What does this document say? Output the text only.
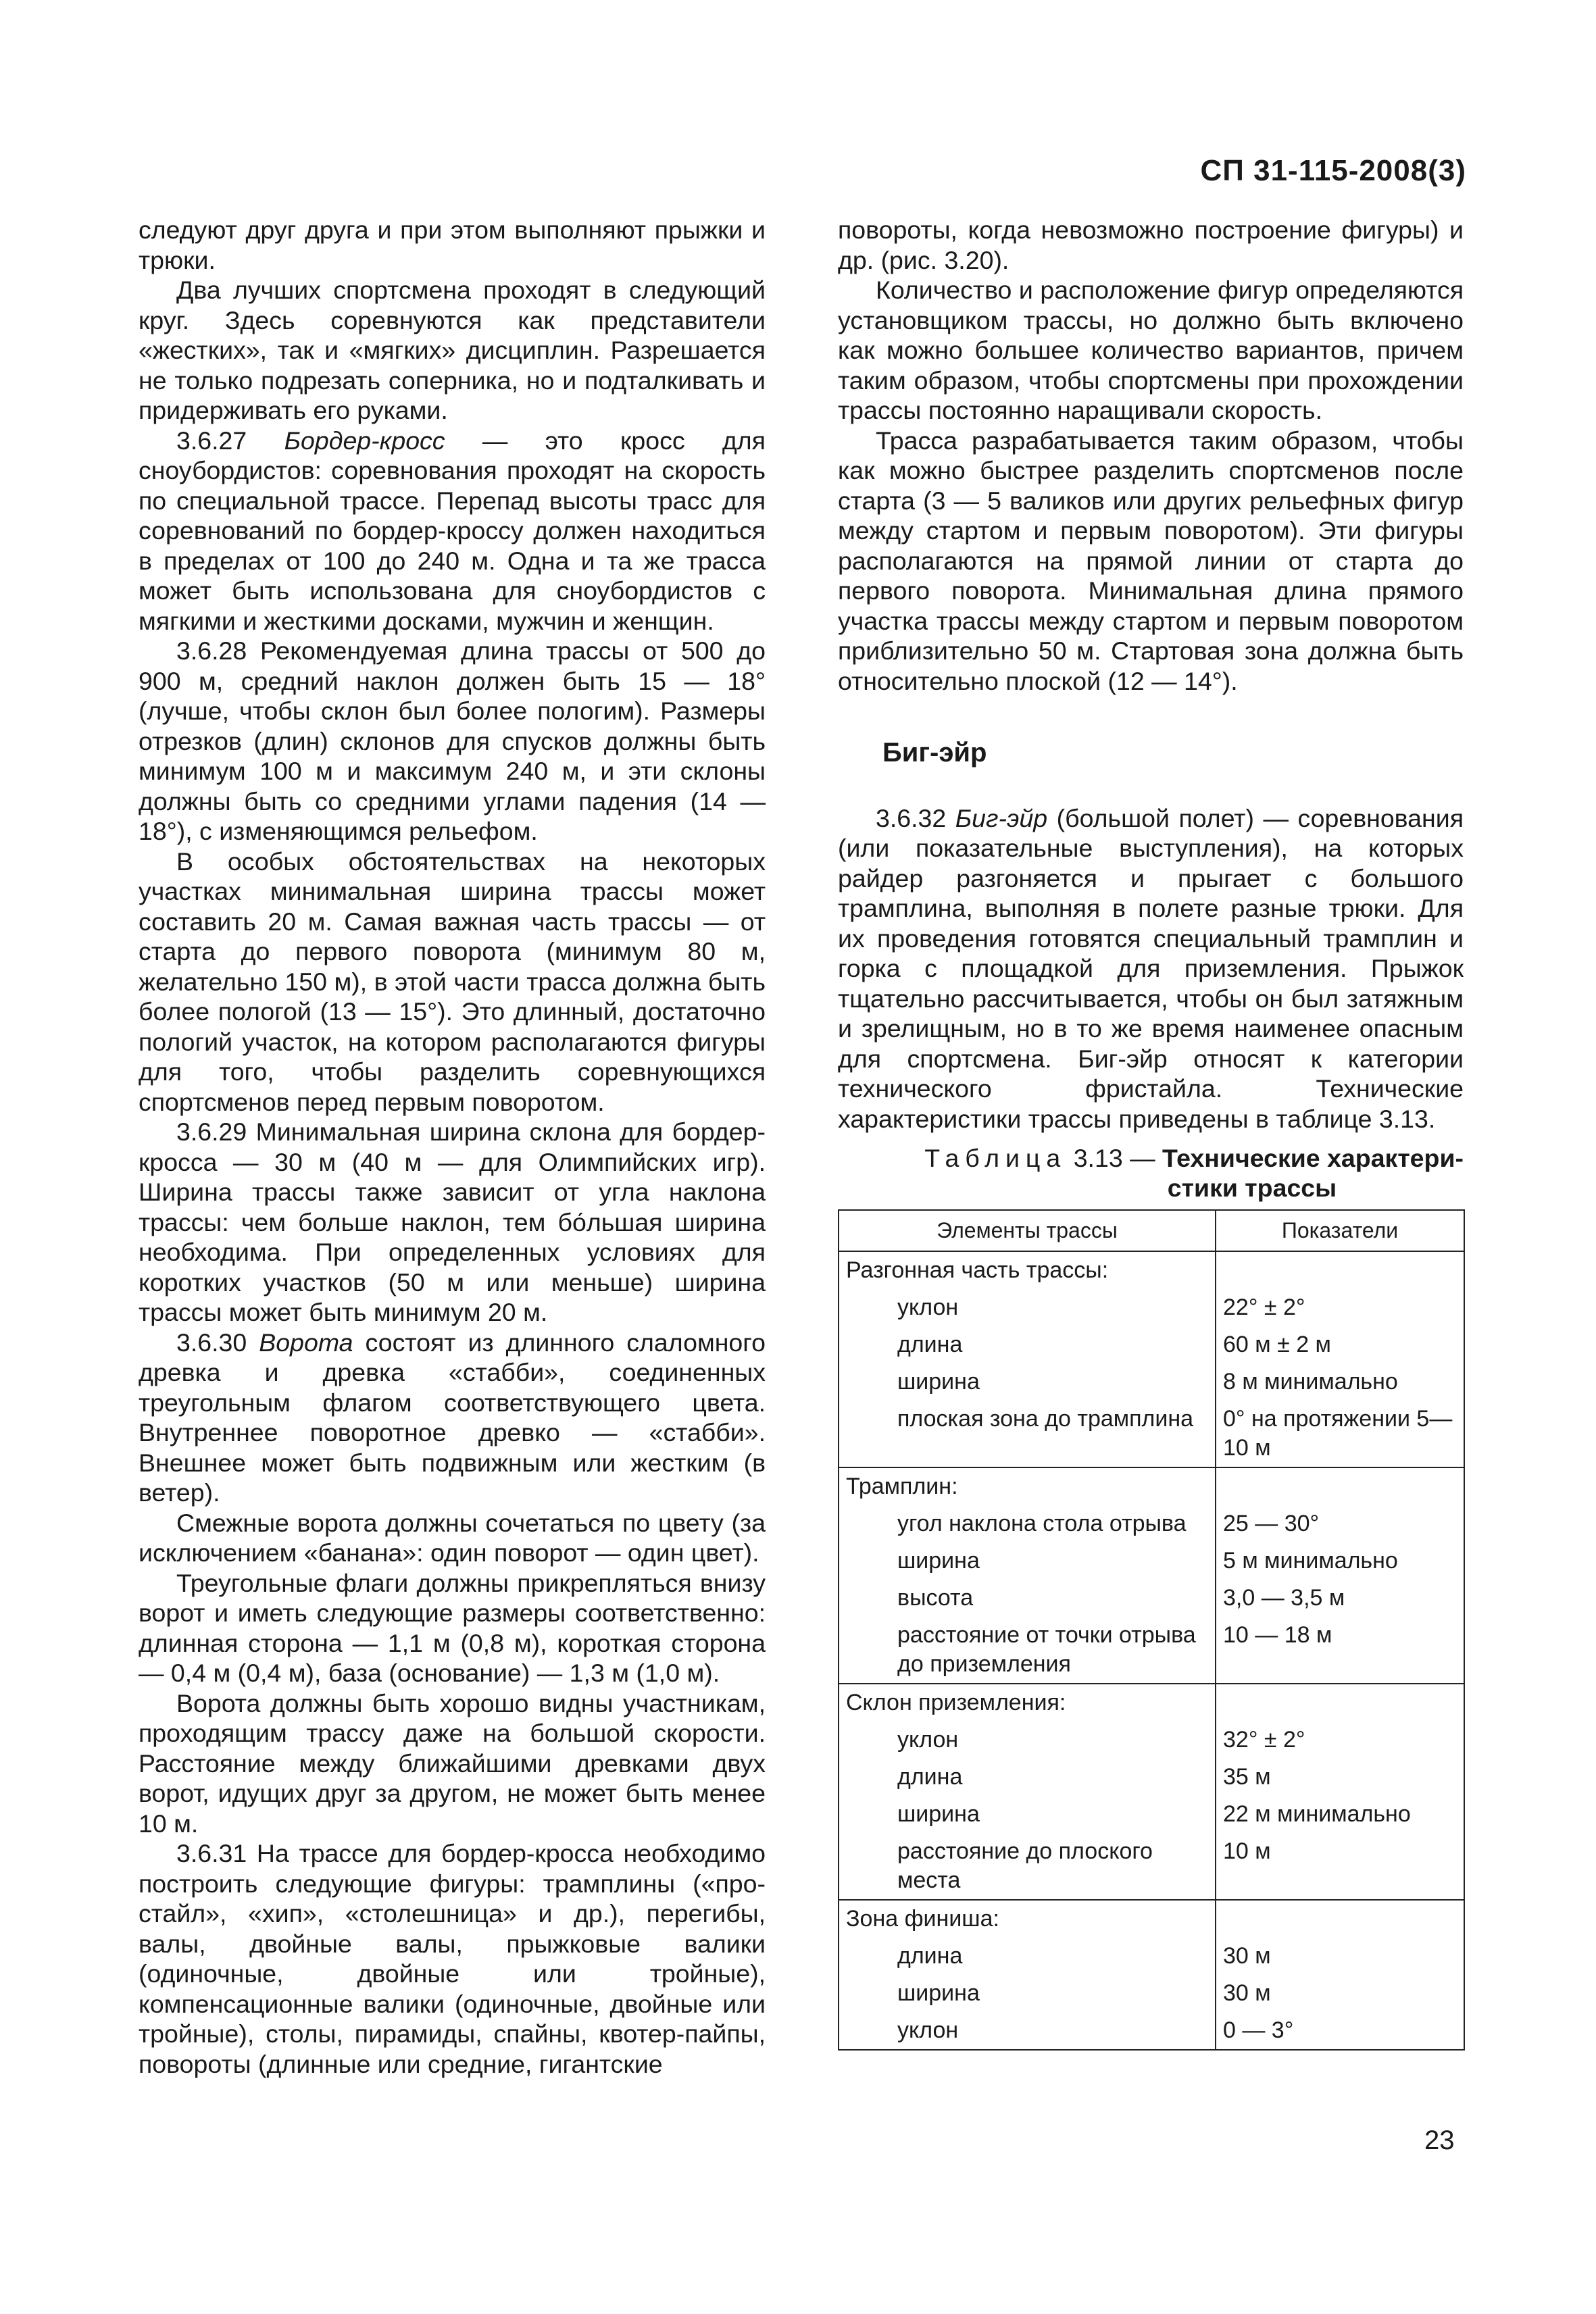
СП 31-115-2008(3)

следуют друг друга и при этом выполняют прыжки и трюки.

Два лучших спортсмена проходят в следующий круг. Здесь соревнуются как представители «жестких», так и «мягких» дисциплин. Разрешается не только подрезать соперника, но и подталкивать и придерживать его руками.

3.6.27 Бордер-кросс — это кросс для сноубордистов: соревнования проходят на скорость по специальной трассе. Перепад высоты трасс для соревнований по бордер-кроссу должен находиться в пределах от 100 до 240 м. Одна и та же трасса может быть использована для сноубордистов с мягкими и жесткими досками, мужчин и женщин.

3.6.28 Рекомендуемая длина трассы от 500 до 900 м, средний наклон должен быть 15 — 18° (лучше, чтобы склон был более пологим). Размеры отрезков (длин) склонов для спусков должны быть минимум 100 м и максимум 240 м, и эти склоны должны быть со средними углами падения (14 — 18°), с изменяющимся рельефом.

В особых обстоятельствах на некоторых участках минимальная ширина трассы может составить 20 м. Самая важная часть трассы — от старта до первого поворота (минимум 80 м, желательно 150 м), в этой части трасса должна быть более пологой (13 — 15°). Это длинный, достаточно пологий участок, на котором располагаются фигуры для того, чтобы разделить соревнующихся спортсменов перед первым поворотом.

3.6.29 Минимальная ширина склона для бордер-кросса — 30 м (40 м — для Олимпийских игр). Ширина трассы также зависит от угла наклона трассы: чем больше наклон, тем бо́льшая ширина необходима. При определенных условиях для коротких участков (50 м или меньше) ширина трассы может быть минимум 20 м.

3.6.30 Ворота состоят из длинного слаломного древка и древка «стабби», соединенных треугольным флагом соответствующего цвета. Внутреннее поворотное древко — «стабби». Внешнее может быть подвижным или жестким (в ветер).

Смежные ворота должны сочетаться по цвету (за исключением «банана»: один поворот — один цвет).

Треугольные флаги должны прикрепляться внизу ворот и иметь следующие размеры соответственно: длинная сторона — 1,1 м (0,8 м), короткая сторона — 0,4 м (0,4 м), база (основание) — 1,3 м (1,0 м).

Ворота должны быть хорошо видны участникам, проходящим трассу даже на большой скорости. Расстояние между ближайшими древками двух ворот, идущих друг за другом, не может быть менее 10 м.

3.6.31 На трассе для бордер-кросса необходимо построить следующие фигуры: трамплины («про-стайл», «хип», «столешница» и др.), перегибы, валы, двойные валы, прыжковые валики (одиночные, двойные или тройные), компенсационные валики (одиночные, двойные или тройные), столы, пирамиды, спайны, квотер-пайпы, повороты (длинные или средние, гигантские

повороты, когда невозможно построение фигуры) и др. (рис. 3.20).

Количество и расположение фигур определяются установщиком трассы, но должно быть включено как можно большее количество вариантов, причем таким образом, чтобы спортсмены при прохождении трассы постоянно наращивали скорость.

Трасса разрабатывается таким образом, чтобы как можно быстрее разделить спортсменов после старта (3 — 5 валиков или других рельефных фигур между стартом и первым поворотом). Эти фигуры располагаются на прямой линии от старта до первого поворота. Минимальная длина прямого участка трассы между стартом и первым поворотом приблизительно 50 м. Стартовая зона должна быть относительно плоской (12 — 14°).

Биг-эйр

3.6.32 Биг-эйр (большой полет) — соревнования (или показательные выступления), на которых райдер разгоняется и прыгает с большого трамплина, выполняя в полете разные трюки. Для их проведения готовятся специальный трамплин и горка с площадкой для приземления. Прыжок тщательно рассчитывается, чтобы он был затяжным и зрелищным, но в то же время наименее опасным для спортсмена. Биг-эйр относят к категории технического фристайла. Технические характеристики трассы приведены в таблице 3.13.

Таблица 3.13 — Технические характери-
стики трассы
Элементы трассы	Показатели
Разгонная часть трассы:	
уклон	22° ± 2°
длина	60 м ± 2 м
ширина	8 м минимально
плоская зона до трамплина	0° на протяжении 5—10 м
Трамплин:	
угол наклона стола отрыва	25 — 30°
ширина	5 м минимально
высота	3,0 — 3,5 м
расстояние от точки отрыва до приземления	10 — 18 м
Склон приземления:	
уклон	32° ± 2°
длина	35 м
ширина	22 м минимально
расстояние до плоского места	10 м
Зона финиша:	
длина	30 м
ширина	30 м
уклон	0 — 3°
23
